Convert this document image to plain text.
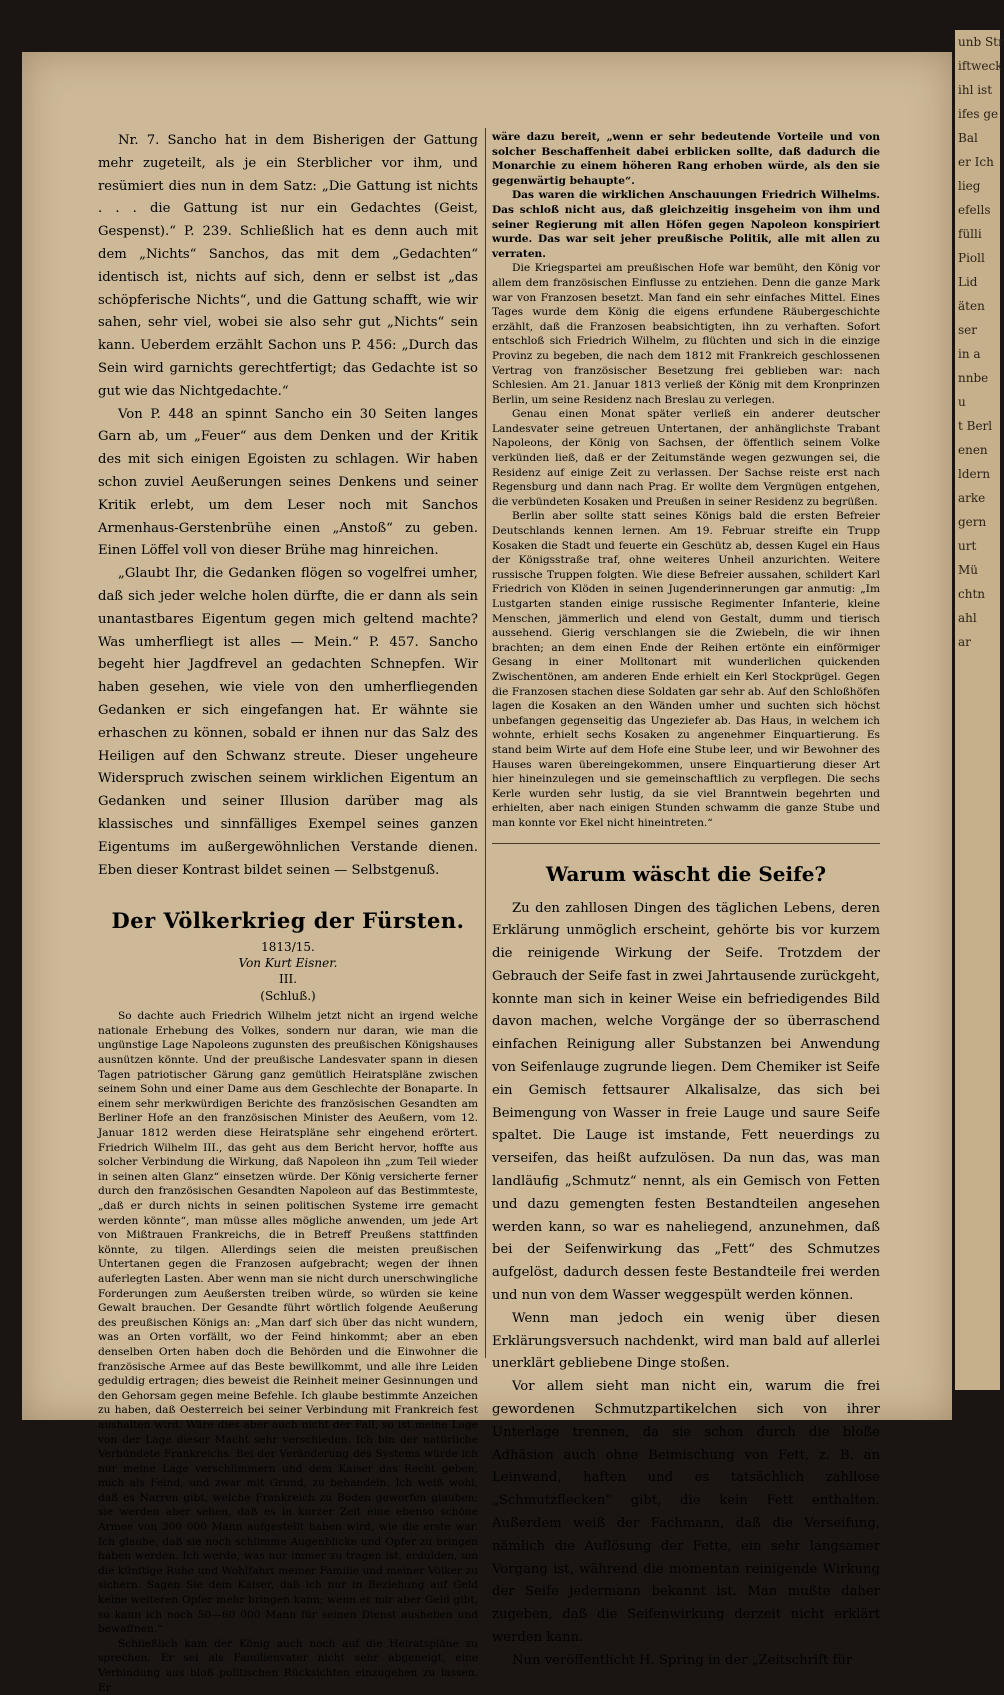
unb Str
iftweck
ihl ist
ifes ge
Bal
er Ich
lieg
efells
fülli
Pioll
Lid
äten
ser
in a
nnbe
u
t Berl
enen
ldern
arke
gern
urt
Mü
chtn
ahl
ar

Nr. 7. Sancho hat in dem Bisherigen der Gattung mehr zugeteilt, als je ein Sterblicher vor ihm, und resümiert dies nun in dem Satz: „Die Gattung ist nichts . . . die Gattung ist nur ein Gedachtes (Geist, Gespenst).“ P. 239. Schließlich hat es denn auch mit dem „Nichts“ Sanchos, das mit dem „Gedachten“ identisch ist, nichts auf sich, denn er selbst ist „das schöpferische Nichts“, und die Gattung schafft, wie wir sahen, sehr viel, wobei sie also sehr gut „Nichts“ sein kann. Ueberdem erzählt Sachon uns P. 456: „Durch das Sein wird garnichts gerechtfertigt; das Gedachte ist so gut wie das Nichtgedachte.“

Von P. 448 an spinnt Sancho ein 30 Seiten langes Garn ab, um „Feuer“ aus dem Denken und der Kritik des mit sich einigen Egoisten zu schlagen. Wir haben schon zuviel Aeußerungen seines Denkens und seiner Kritik erlebt, um dem Leser noch mit Sanchos Armenhaus-Gerstenbrühe einen „Anstoß“ zu geben. Einen Löffel voll von dieser Brühe mag hinreichen.

„Glaubt Ihr, die Gedanken flögen so vogelfrei umher, daß sich jeder welche holen dürfte, die er dann als sein unantastbares Eigentum gegen mich geltend machte? Was umherfliegt ist alles — Mein.“ P. 457. Sancho begeht hier Jagdfrevel an gedachten Schnepfen. Wir haben gesehen, wie viele von den umherfliegenden Gedanken er sich eingefangen hat. Er wähnte sie erhaschen zu können, sobald er ihnen nur das Salz des Heiligen auf den Schwanz streute. Dieser ungeheure Widerspruch zwischen seinem wirklichen Eigentum an Gedanken und seiner Illusion darüber mag als klassisches und sinnfälliges Exempel seines ganzen Eigentums im außergewöhnlichen Verstande dienen. Eben dieser Kontrast bildet seinen — Selbstgenuß.

Der Völkerkrieg der Fürsten.
1813/15.
Von Kurt Eisner.
III.
(Schluß.)

So dachte auch Friedrich Wilhelm jetzt nicht an irgend welche nationale Erhebung des Volkes, sondern nur daran, wie man die ungünstige Lage Napoleons zugunsten des preußischen Königshauses ausnützen könnte. Und der preußische Landesvater spann in diesen Tagen patriotischer Gärung ganz gemütlich Heiratspläne zwischen seinem Sohn und einer Dame aus dem Geschlechte der Bonaparte. In einem sehr merkwürdigen Berichte des französischen Gesandten am Berliner Hofe an den französischen Minister des Aeußern, vom 12. Januar 1812 werden diese Heiratspläne sehr eingehend erörtert. Friedrich Wilhelm III., das geht aus dem Bericht hervor, hoffte aus solcher Verbindung die Wirkung, daß Napoleon ihn „zum Teil wieder in seinen alten Glanz“ einsetzen würde. Der König versicherte ferner durch den französischen Gesandten Napoleon auf das Bestimmteste, „daß er durch nichts in seinen politischen Systeme irre gemacht werden könnte“, man müsse alles mögliche anwenden, um jede Art von Mißtrauen Frankreichs, die in Betreff Preußens stattfinden könnte, zu tilgen. Allerdings seien die meisten preußischen Untertanen gegen die Franzosen aufgebracht; wegen der ihnen auferlegten Lasten. Aber wenn man sie nicht durch unerschwingliche Forderungen zum Aeußersten treiben würde, so würden sie keine Gewalt brauchen. Der Gesandte führt wörtlich folgende Aeußerung des preußischen Königs an: „Man darf sich über das nicht wundern, was an Orten vorfällt, wo der Feind hinkommt; aber an eben denselben Orten haben doch die Behörden und die Einwohner die französische Armee auf das Beste bewillkommt, und alle ihre Leiden geduldig ertragen; dies beweist die Reinheit meiner Gesinnungen und den Gehorsam gegen meine Befehle. Ich glaube bestimmte Anzeichen zu haben, daß Oesterreich bei seiner Verbindung mit Frankreich fest aushalten wird. Wäre dies aber auch nicht der Fall, so ist meine Lage von der Lage dieser Macht sehr verschieden. Ich bin der natürliche Verbündete Frankreichs. Bei der Veränderung des Systems würde ich nur meine Lage verschlimmern und dem Kaiser das Recht geben, mich als Feind, und zwar mit Grund, zu behandeln. Ich weiß wohl, daß es Narren gibt, welche Frankreich zu Boden geworfen glauben; sie werden aber sehen, daß es in kurzer Zeit eine ebenso schöne Armee von 300 000 Mann aufgestellt haben wird, wie die erste war. Ich glaube, daß sie noch schlimme Augenblicke und Opfer zu bringen haben werden. Ich werde, was nur immer zu tragen ist, erdulden, um die künftige Ruhe und Wohlfahrt meiner Familie und meiner Völker zu sichern. Sagen Sie dem Kaiser, daß ich nur in Beziehung auf Geld keine weiteren Opfer mehr bringen kann; wenn er mir aber Geld gibt, so kann ich noch 50—60 000 Mann für seinen Dienst ausheben und bewaffnen.“

Schließlich kam der König auch noch auf die Heiratspläne zu sprechen. Er sei als Familienvater nicht sehr abgeneigt, eine Verbindung aus bloß politischen Rücksichten einzugehen zu lassen. Er

wäre dazu bereit, „wenn er sehr bedeutende Vorteile und von solcher Beschaffenheit dabei erblicken sollte, daß dadurch die Monarchie zu einem höheren Rang erhoben würde, als den sie gegenwärtig behaupte“.

Das waren die wirklichen Anschauungen Friedrich Wilhelms. Das schloß nicht aus, daß gleichzeitig insgeheim von ihm und seiner Regierung mit allen Höfen gegen Napoleon konspiriert wurde. Das war seit jeher preußische Politik, alle mit allen zu verraten.

Die Kriegspartei am preußischen Hofe war bemüht, den König vor allem dem französischen Einflusse zu entziehen. Denn die ganze Mark war von Franzosen besetzt. Man fand ein sehr einfaches Mittel. Eines Tages wurde dem König die eigens erfundene Räubergeschichte erzählt, daß die Franzosen beabsichtigten, ihn zu verhaften. Sofort entschloß sich Friedrich Wilhelm, zu flüchten und sich in die einzige Provinz zu begeben, die nach dem 1812 mit Frankreich geschlossenen Vertrag von französischer Besetzung frei geblieben war: nach Schlesien. Am 21. Januar 1813 verließ der König mit dem Kronprinzen Berlin, um seine Residenz nach Breslau zu verlegen.

Genau einen Monat später verließ ein anderer deutscher Landesvater seine getreuen Untertanen, der anhänglichste Trabant Napoleons, der König von Sachsen, der öffentlich seinem Volke verkünden ließ, daß er der Zeitumstände wegen gezwungen sei, die Residenz auf einige Zeit zu verlassen. Der Sachse reiste erst nach Regensburg und dann nach Prag. Er wollte dem Vergnügen entgehen, die verbündeten Kosaken und Preußen in seiner Residenz zu begrüßen.

Berlin aber sollte statt seines Königs bald die ersten Befreier Deutschlands kennen lernen. Am 19. Februar streifte ein Trupp Kosaken die Stadt und feuerte ein Geschütz ab, dessen Kugel ein Haus der Königsstraße traf, ohne weiteres Unheil anzurichten. Weitere russische Truppen folgten. Wie diese Befreier aussahen, schildert Karl Friedrich von Klöden in seinen Jugenderinnerungen gar anmutig: „Im Lustgarten standen einige russische Regimenter Infanterie, kleine Menschen, jämmerlich und elend von Gestalt, dumm und tierisch aussehend. Gierig verschlangen sie die Zwiebeln, die wir ihnen brachten; an dem einen Ende der Reihen ertönte ein einförmiger Gesang in einer Molltonart mit wunderlichen quickenden Zwischentönen, am anderen Ende erhielt ein Kerl Stockprügel. Gegen die Franzosen stachen diese Soldaten gar sehr ab. Auf den Schloßhöfen lagen die Kosaken an den Wänden umher und suchten sich höchst unbefangen gegenseitig das Ungeziefer ab. Das Haus, in welchem ich wohnte, erhielt sechs Kosaken zu angenehmer Einquartierung. Es stand beim Wirte auf dem Hofe eine Stube leer, und wir Bewohner des Hauses waren übereingekommen, unsere Einquartierung dieser Art hier hineinzulegen und sie gemeinschaftlich zu verpflegen. Die sechs Kerle wurden sehr lustig, da sie viel Branntwein begehrten und erhielten, aber nach einigen Stunden schwamm die ganze Stube und man konnte vor Ekel nicht hineintreten.“

Warum wäscht die Seife?

Zu den zahllosen Dingen des täglichen Lebens, deren Erklärung unmöglich erscheint, gehörte bis vor kurzem die reinigende Wirkung der Seife. Trotzdem der Gebrauch der Seife fast in zwei Jahrtausende zurückgeht, konnte man sich in keiner Weise ein befriedigendes Bild davon machen, welche Vorgänge der so überraschend einfachen Reinigung aller Substanzen bei Anwendung von Seifenlauge zugrunde liegen. Dem Chemiker ist Seife ein Gemisch fettsaurer Alkalisalze, das sich bei Beimengung von Wasser in freie Lauge und saure Seife spaltet. Die Lauge ist imstande, Fett neuerdings zu verseifen, das heißt aufzulösen. Da nun das, was man landläufig „Schmutz“ nennt, als ein Gemisch von Fetten und dazu gemengten festen Bestandteilen angesehen werden kann, so war es naheliegend, anzunehmen, daß bei der Seifenwirkung das „Fett“ des Schmutzes aufgelöst, dadurch dessen feste Bestandteile frei werden und nun von dem Wasser weggespült werden können.

Wenn man jedoch ein wenig über diesen Erklärungsversuch nachdenkt, wird man bald auf allerlei unerklärt gebliebene Dinge stoßen.

Vor allem sieht man nicht ein, warum die frei gewordenen Schmutzpartikelchen sich von ihrer Unterlage trennen, da sie schon durch die bloße Adhäsion auch ohne Beimischung von Fett, z. B. an Leinwand, haften und es tatsächlich zahllose „Schmutzflecken“ gibt, die kein Fett enthalten. Außerdem weiß der Fachmann, daß die Verseifung, nämlich die Auflösung der Fette, ein sehr langsamer Vorgang ist, während die momentan reinigende Wirkung der Seife jedermann bekannt ist. Man mußte daher zugeben, daß die Seifenwirkung derzeit nicht erklärt werden kann.

Nun veröffentlicht H. Spring in der „Zeitschrift für
